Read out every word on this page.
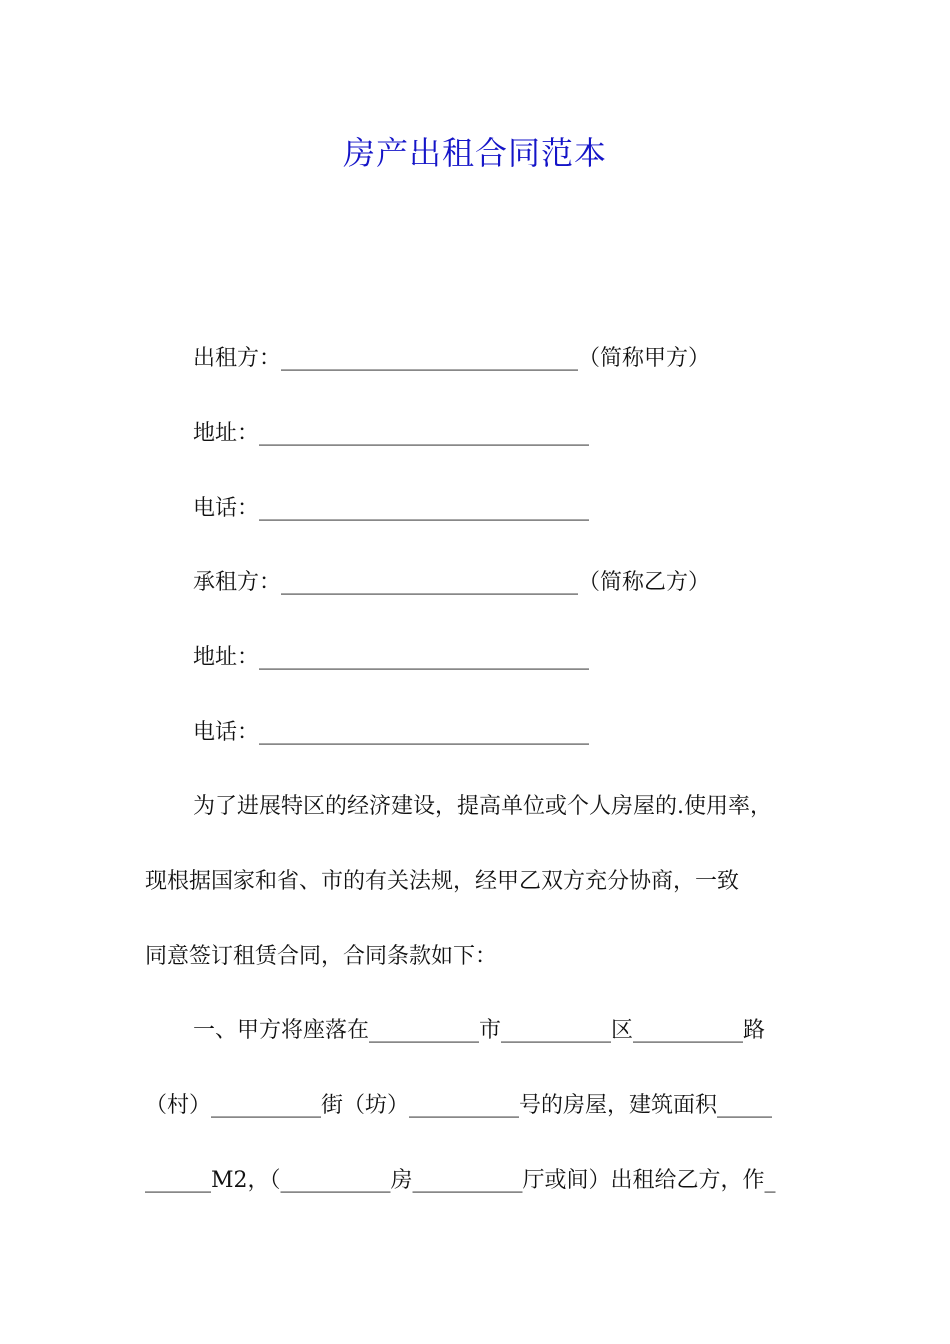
房产出租合同范本
出租方：___________________________（简称甲方）
地址：______________________________
电话：______________________________
承租方：___________________________（简称乙方）
地址：______________________________
电话：______________________________
为了进展特区的经济建设，提高单位或个人房屋的.使用率，
现根据国家和省、市的有关法规，经甲乙双方充分协商，一致
同意签订租赁合同，合同条款如下：
一、甲方将座落在__________市__________区__________路
（村）__________街（坊）__________号的房屋，建筑面积_____
______M2，（__________房__________厅或间）出租给乙方，作_
